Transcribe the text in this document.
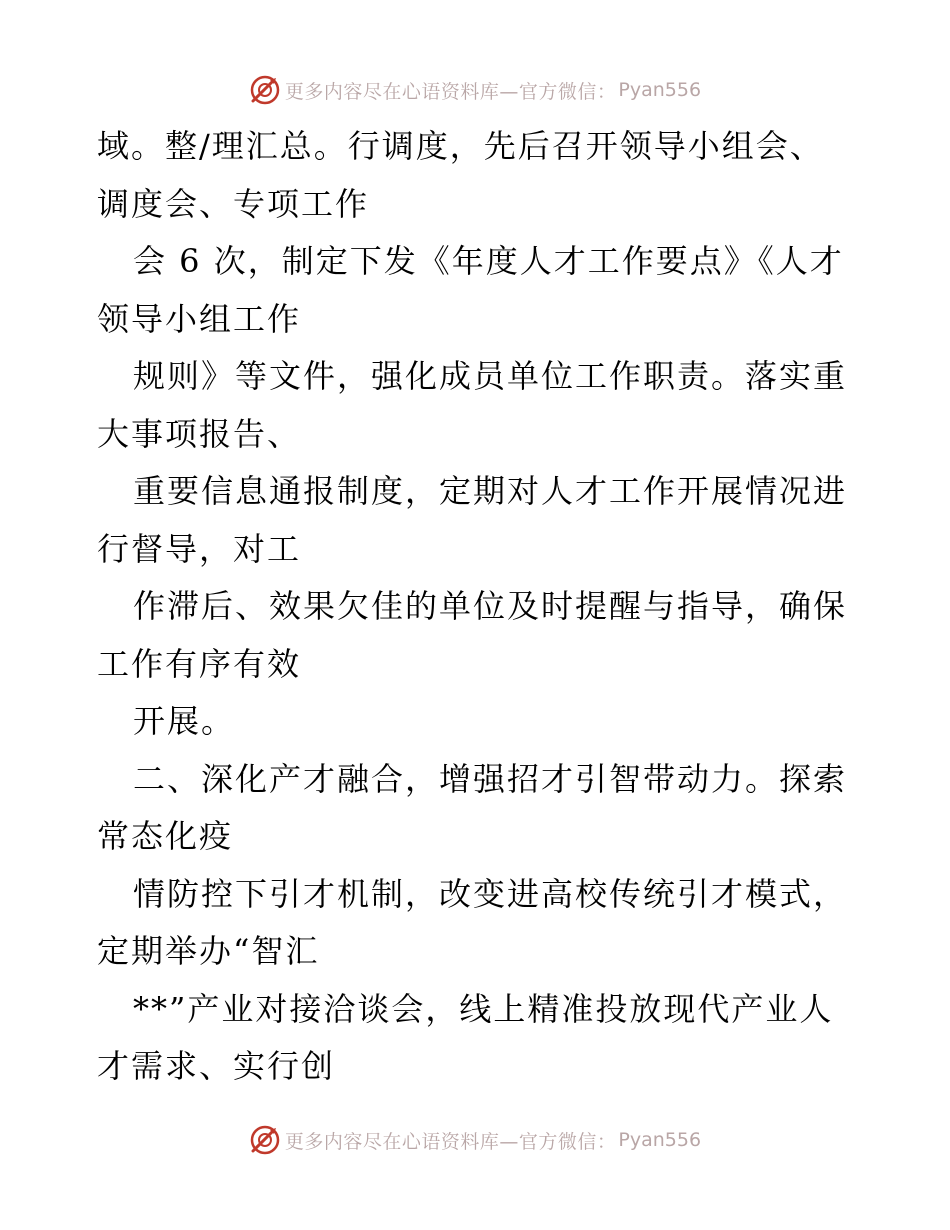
更多内容尽在心语资料库—官方微信： Pyan556
域。整/理汇总。行调度，先后召开领导小组会、
调度会、专项工作
会 6 次，制定下发《年度人才工作要点》《人才
领导小组工作
规则》等文件，强化成员单位工作职责。落实重
大事项报告、
重要信息通报制度，定期对人才工作开展情况进
行督导，对工
作滞后、效果欠佳的单位及时提醒与指导，确保
工作有序有效
开展。
二、深化产才融合，增强招才引智带动力。探索
常态化疫
情防控下引才机制，改变进高校传统引才模式，
定期举办“智汇
**”产业对接洽谈会，线上精准投放现代产业人
才需求、实行创
更多内容尽在心语资料库—官方微信： Pyan556
